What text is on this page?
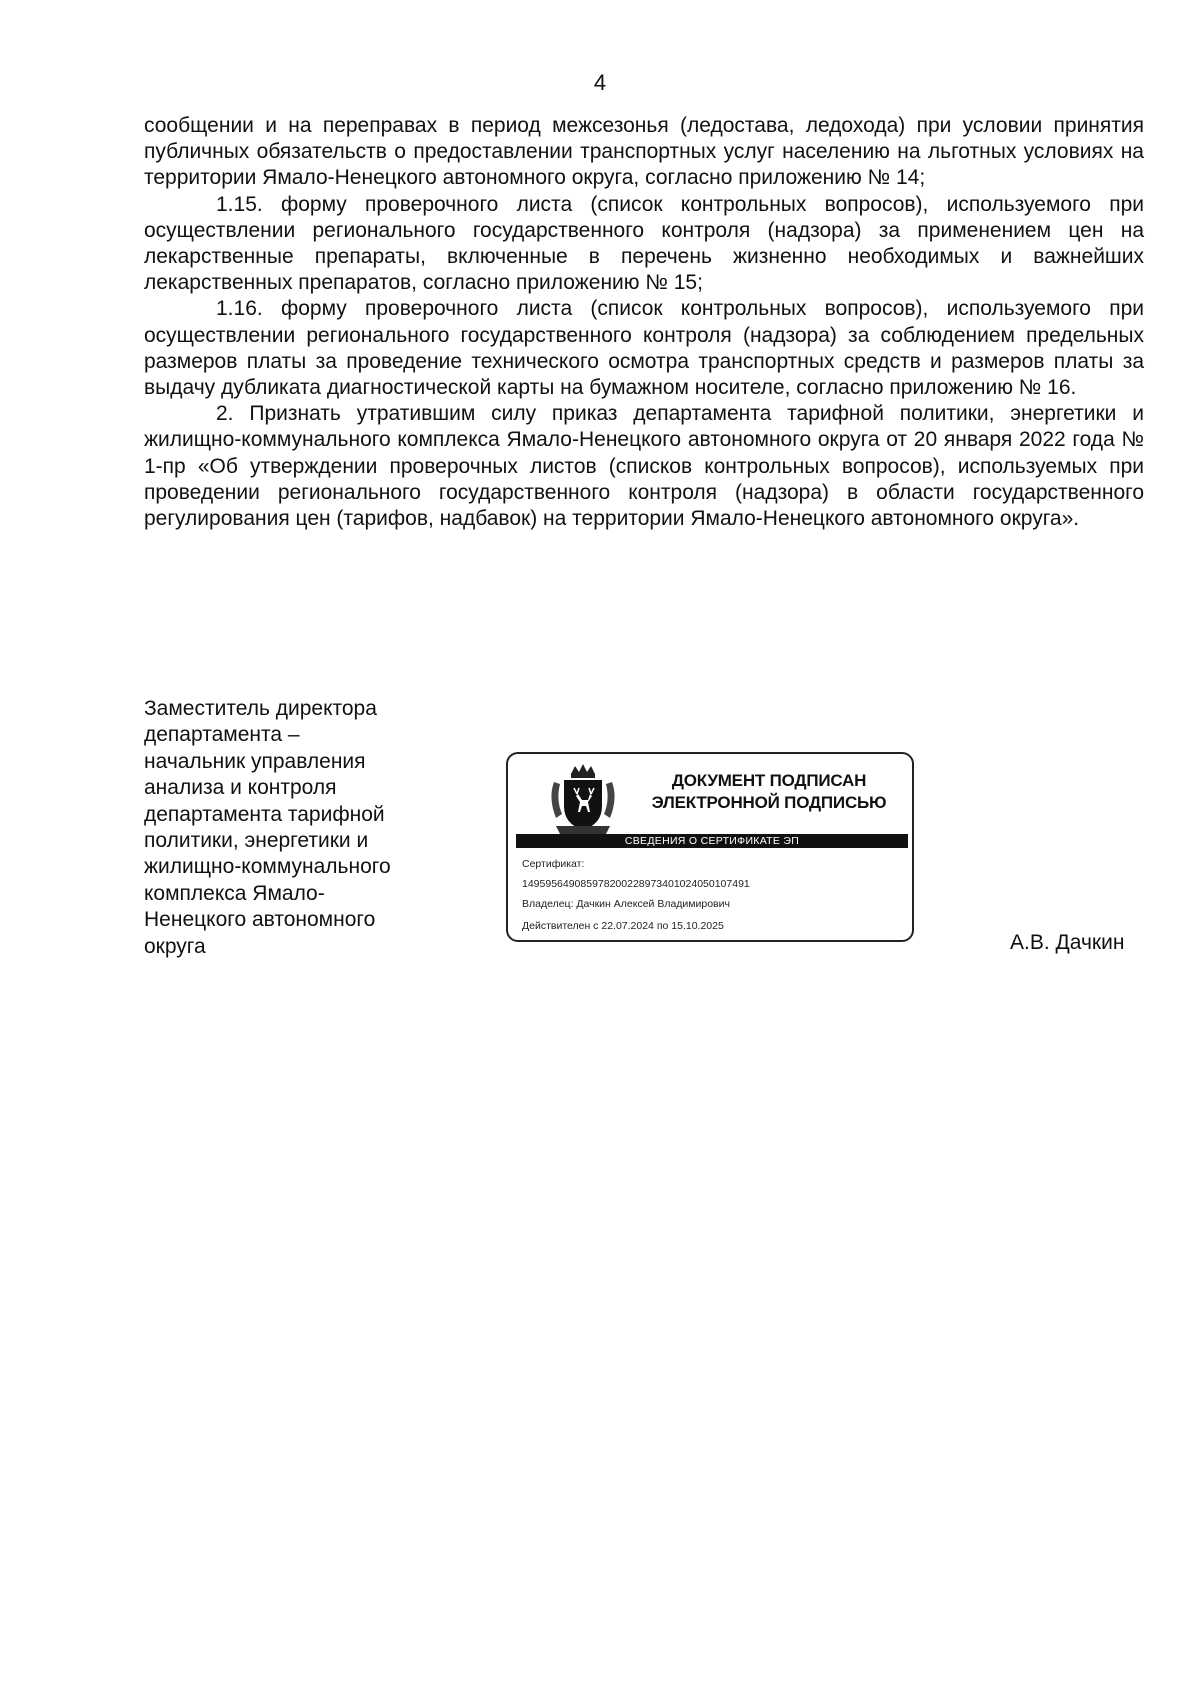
4

сообщении и на переправах в период межсезонья (ледостава, ледохода) при условии принятия публичных обязательств о предоставлении транспортных услуг населению на льготных условиях на территории Ямало-Ненецкого автономного округа, согласно приложению № 14;

1.15. форму проверочного листа (список контрольных вопросов), используемого при осуществлении регионального государственного контроля (надзора) за применением цен на лекарственные препараты, включенные в перечень жизненно необходимых и важнейших лекарственных препаратов, согласно приложению № 15;

1.16. форму проверочного листа (список контрольных вопросов), используемого при осуществлении регионального государственного контроля (надзора) за соблюдением предельных размеров платы за проведение технического осмотра транспортных средств и размеров платы за выдачу дубликата диагностической карты на бумажном носителе, согласно приложению № 16.

2. Признать утратившим силу приказ департамента тарифной политики, энергетики и жилищно-коммунального комплекса Ямало-Ненецкого автономного округа от 20 января 2022 года № 1-пр «Об утверждении проверочных листов (списков контрольных вопросов), используемых при проведении регионального государственного контроля (надзора) в области государственного регулирования цен (тарифов, надбавок) на территории Ямало-Ненецкого автономного округа».

Заместитель директора
департамента –
начальник управления
анализа и контроля
департамента тарифной
политики, энергетики и
жилищно-коммунального
комплекса Ямало-
Ненецкого автономного
округа
ДОКУМЕНТ ПОДПИСАН
ЭЛЕКТРОННОЙ ПОДПИСЬЮ
СВЕДЕНИЯ О СЕРТИФИКАТЕ ЭП
Сертификат:
149595649085978200228973401024050107491
Владелец: Дачкин Алексей Владимирович
Действителен с 22.07.2024 по 15.10.2025
А.В. Дачкин
